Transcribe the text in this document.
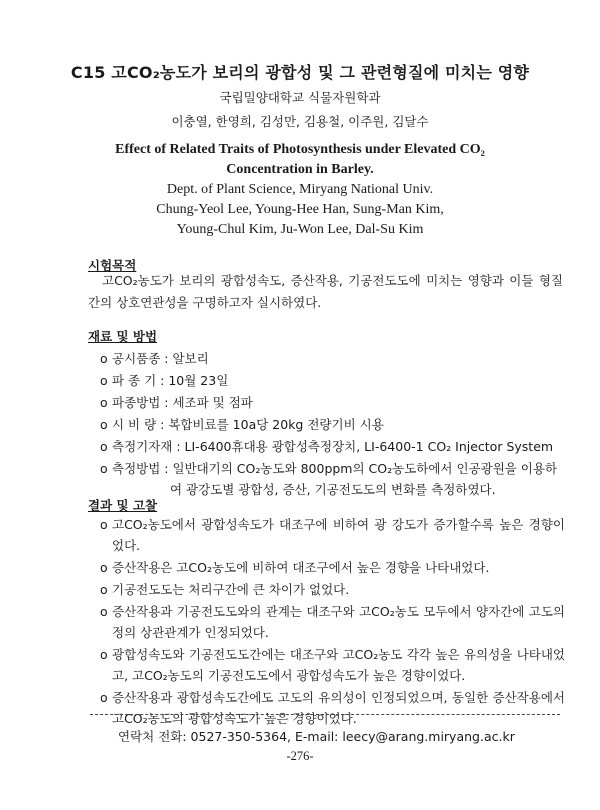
C15 고CO₂농도가 보리의 광합성 및 그 관련형질에 미치는 영향
국립밀양대학교 식물자원학과
이충열, 한영희, 김성만, 김용철, 이주원, 김달수
Effect of Related Traits of Photosynthesis under Elevated CO₂
Concentration in Barley.
Dept. of Plant Science, Miryang National Univ.
Chung-Yeol Lee, Young-Hee Han, Sung-Man Kim,
Young-Chul Kim, Ju-Won Lee, Dal-Su Kim
시험목적
고CO₂농도가 보리의 광합성속도, 증산작용, 기공전도도에 미치는 영향과 이들 형질간의 상호연관성을 구명하고자 실시하였다.
재료 및 방법
o 공시품종 : 알보리
o 파 종 기 : 10월 23일
o 파종방법 : 세조파 및 점파
o 시 비 량 : 복합비료를 10a당 20kg 전량기비 시용
o 측정기자재 : LI-6400휴대용 광합성측정장치, LI-6400-1 CO₂ Injector System
o 측정방법 : 일반대기의 CO₂농도와 800ppm의 CO₂농도하에서 인공광원을 이용하
여 광강도별 광합성, 증산, 기공전도도의 변화를 측정하였다.
결과 및 고찰
o 고CO₂농도에서 광합성속도가 대조구에 비하여 광 강도가 증가할수록 높은 경향이었다.
o 증산작용은 고CO₂농도에 비하여 대조구에서 높은 경향을 나타내었다.
o 기공전도도는 처리구간에 큰 차이가 없었다.
o 증산작용과 기공전도도와의 관계는 대조구와 고CO₂농도 모두에서 양자간에 고도의 정의 상관관계가 인정되었다.
o 광합성속도와 기공전도도간에는 대조구와 고CO₂농도 각각 높은 유의성을 나타내었고, 고CO₂농도의 기공전도도에서 광합성속도가 높은 경향이었다.
o 증산작용과 광합성속도간에도 고도의 유의성이 인정되었으며, 동일한 증산작용에서 고CO₂농도의 광합성속도가 높은 경향이었다.
연락처 전화: 0527-350-5364, E-mail: leecy@arang.miryang.ac.kr
-276-
